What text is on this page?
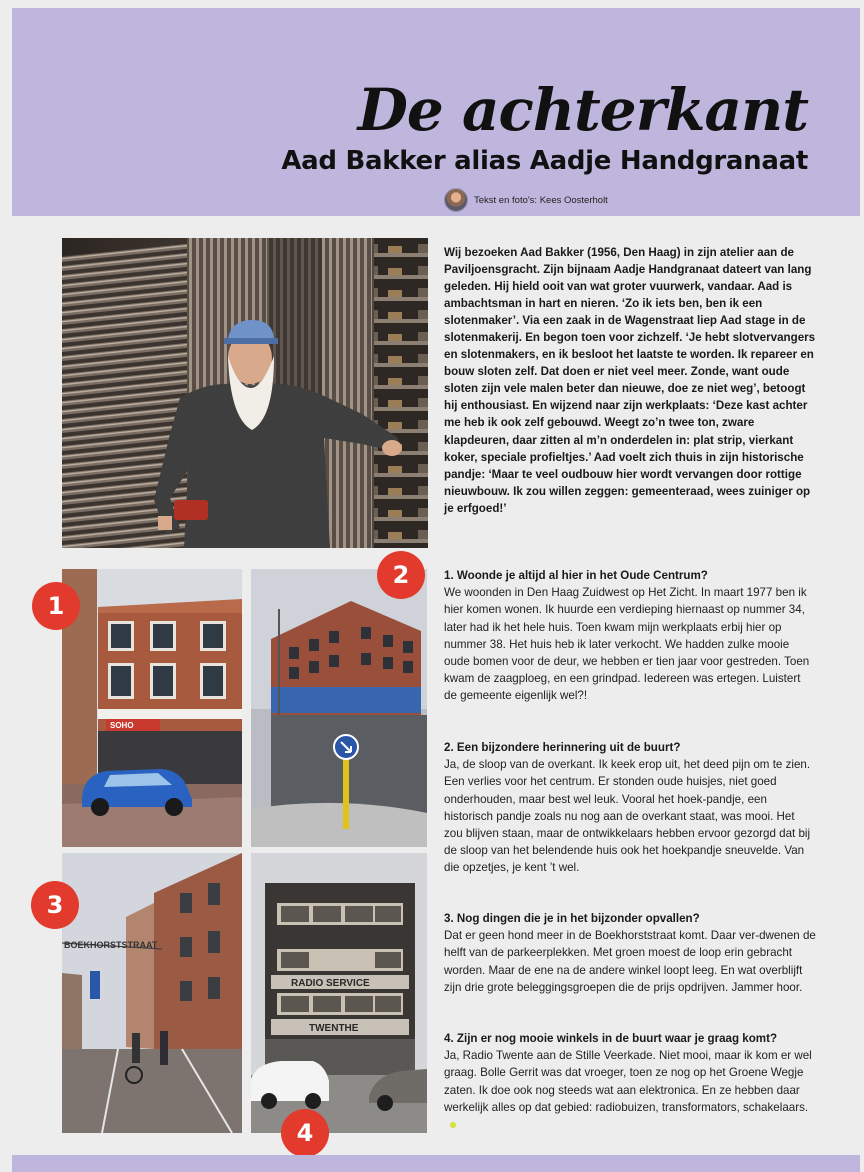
De achterkant
Aad Bakker alias Aadje Handgranaat
Tekst en foto's: Kees Oosterholt
SOHO
BOEKHORSTSTRAAT
RADIO SERVICE
TWENTHE
1
2
3
4
Wij bezoeken Aad Bakker (1956, Den Haag) in zijn atelier aan de Paviljoensgracht. Zijn bijnaam Aadje Handgranaat dateert van lang geleden. Hij hield ooit van wat groter vuurwerk, vandaar. Aad is ambachtsman in hart en nieren. ‘Zo ik iets ben, ben ik een slotenmaker’. Via een zaak in de Wagenstraat liep Aad stage in de slotenmakerij. En begon toen voor zichzelf. ‘Je hebt slotvervangers en slotenmakers, en ik besloot het laatste te worden. Ik repareer en bouw sloten zelf. Dat doen er niet veel meer. Zonde, want oude sloten zijn vele malen beter dan nieuwe, doe ze niet weg’, betoogt hij enthousiast. En wijzend naar zijn werkplaats: ‘Deze kast achter me heb ik ook zelf gebouwd. Weegt zo’n twee ton, zware klapdeuren, daar zitten al m’n onderdelen in: plat strip, vierkant koker, speciale profieltjes.’ Aad voelt zich thuis in zijn historische pandje: ‘Maar te veel oudbouw hier wordt vervangen door rottige nieuwbouw. Ik zou willen zeggen: gemeenteraad, wees zuiniger op je erfgoed!’
1. Woonde je altijd al hier in het Oude Centrum?
We woonden in Den Haag Zuidwest op Het Zicht. In maart 1977 ben ik hier komen wonen. Ik huurde een verdieping hiernaast op nummer 34, later had ik het hele huis. Toen kwam mijn werkplaats erbij hier op nummer 38. Het huis heb ik later verkocht. We hadden zulke mooie oude bomen voor de deur, we hebben er tien jaar voor gestreden. Toen kwam de zaagploeg, en een grindpad. Iedereen was ertegen. Luistert de gemeente eigenlijk wel?!
2. Een bijzondere herinnering uit de buurt?
Ja, de sloop van de overkant. Ik keek erop uit, het deed pijn om te zien. Een verlies voor het centrum. Er stonden oude huisjes, niet goed onderhouden, maar best wel leuk. Vooral het hoek-pandje, een historisch pandje zoals nu nog aan de overkant staat, was mooi. Het zou blijven staan, maar de ontwikkelaars hebben ervoor gezorgd dat bij de sloop van het belendende huis ook het hoekpandje sneuvelde. Van die opzetjes, je kent ’t wel.
3. Nog dingen die je in het bijzonder opvallen?
Dat er geen hond meer in de Boekhorststraat komt. Daar ver-dwenen de helft van de parkeerplekken. Met groen moest de loop erin gebracht worden. Maar de ene na de andere winkel loopt leeg. En wat overblijft zijn drie grote beleggingsgroepen die de prijs opdrijven. Jammer hoor.
4. Zijn er nog mooie winkels in de buurt waar je graag komt?
Ja, Radio Twente aan de Stille Veerkade. Niet mooi, maar ik kom er wel graag. Bolle Gerrit was dat vroeger, toen ze nog op het Groene Wegje zaten. Ik doe ook nog steeds wat aan elektronica. En ze hebben daar werkelijk alles op dat gebied: radiobuizen, transformators, schakelaars.
